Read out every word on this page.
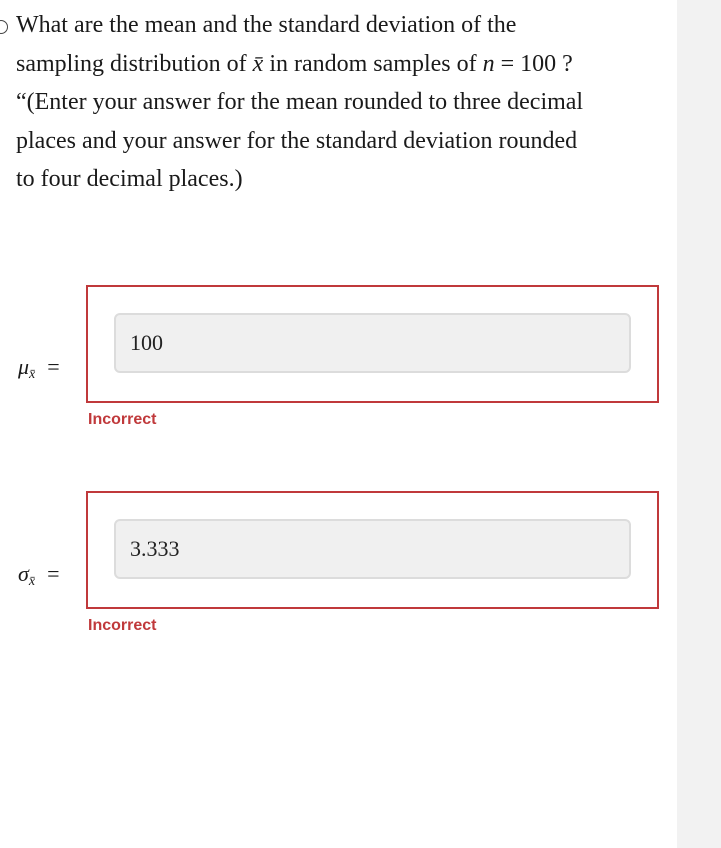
What are the mean and the standard deviation of the
sampling distribution of x̄ in random samples of n = 100 ?
“(Enter your answer for the mean rounded to three decimal
places and your answer for the standard deviation rounded
to four decimal places.)
$\mu_{x̄}$ =
100
Incorrect
$\sigma_{x̄}$ =
3.333
Incorrect
